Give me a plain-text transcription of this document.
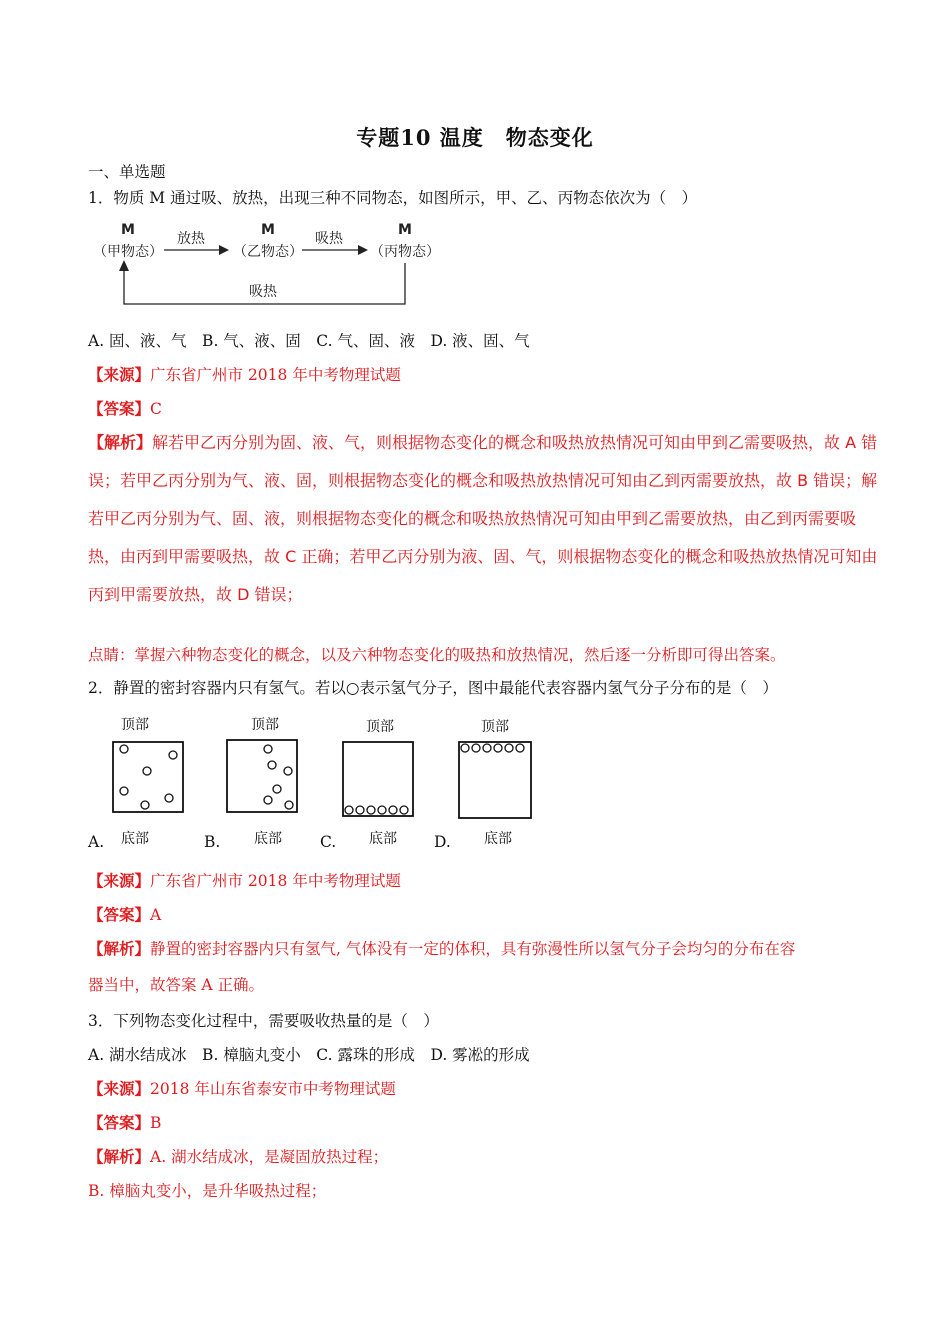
专题10 温度　物态变化
一、单选题
1．物质 M 通过吸、放热，出现三种不同物态，如图所示，甲、乙、丙物态依次为（　）
M
（甲物态）
M
（乙物态）
M
（丙物态）
放热	吸热
吸热
A. 固、液、气　B. 气、液、固　C. 气、固、液　D. 液、固、气
【来源】广东省广州市 2018 年中考物理试题
【答案】C
【解析】解若甲乙丙分别为固、液、气，则根据物态变化的概念和吸热放热情况可知由甲到乙需要吸热，故 A 错误；若甲乙丙分别为气、液、固，则根据物态变化的概念和吸热放热情况可知由乙到丙需要放热，故 B 错误；解若甲乙丙分别为气、固、液，则根据物态变化的概念和吸热放热情况可知由甲到乙需要放热，由乙到丙需要吸热，由丙到甲需要吸热，故 C 正确；若甲乙丙分别为液、固、气，则根据物态变化的概念和吸热放热情况可知由丙到甲需要放热，故 D 错误；
点睛：掌握六种物态变化的概念，以及六种物态变化的吸热和放热情况，然后逐一分析即可得出答案。
2．静置的密封容器内只有氢气。若以○表示氢气分子，图中最能代表容器内氢气分子分布的是（　）
顶部	顶部	顶部	顶部
底部	底部	底部	底部
A.	B.	C.	D.
【来源】广东省广州市 2018 年中考物理试题
【答案】A
【解析】静置的密封容器内只有氢气, 气体没有一定的体积，具有弥漫性所以氢气分子会均匀的分布在容
器当中，故答案 A 正确。
3．下列物态变化过程中，需要吸收热量的是（　）
A. 湖水结成冰　B. 樟脑丸变小　C. 露珠的形成　D. 雾凇的形成
【来源】2018 年山东省泰安市中考物理试题
【答案】B
【解析】A. 湖水结成冰，是凝固放热过程；
B. 樟脑丸变小，是升华吸热过程；
